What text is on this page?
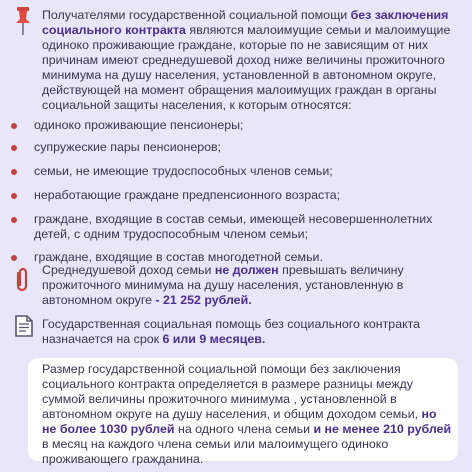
Получателями государственной социальной помощи без заключения социального контракта являются малоимущие семьи и малоимущие одиноко проживающие граждане, которые по не зависящим от них причинам имеют среднедушевой доход ниже величины прожиточного минимума на душу населения, установленной в автономном округе, действующей на момент обращения малоимущих граждан в органы социальной защиты населения, к которым относятся:

одиноко проживающие пенсионеры;
супружеские пары пенсионеров;
семьи, не имеющие трудоспособных членов семьи;
неработающие граждане предпенсионного возраста;
граждане, входящие в состав семьи, имеющей несовершеннолетних детей, с одним трудоспособным членом семьи;
граждане, входящие в состав многодетной семьи.

Среднедушевой доход семьи не должен превышать величину прожиточного минимума на душу населения, установленную в автономном округе - 21 252 рублей.

Государственная социальная помощь без социального контракта назначается на срок 6 или 9 месяцев.

Размер государственной социальной помощи без заключения социального контракта определяется в размере разницы между суммой величины прожиточного минимума , установленной в автономном округе на душу населения, и общим доходом семьи, но не более 1030 рублей на одного члена семьи и не менее 210 рублей в месяц на каждого члена семьи или малоимущего одиноко проживающего гражданина.
